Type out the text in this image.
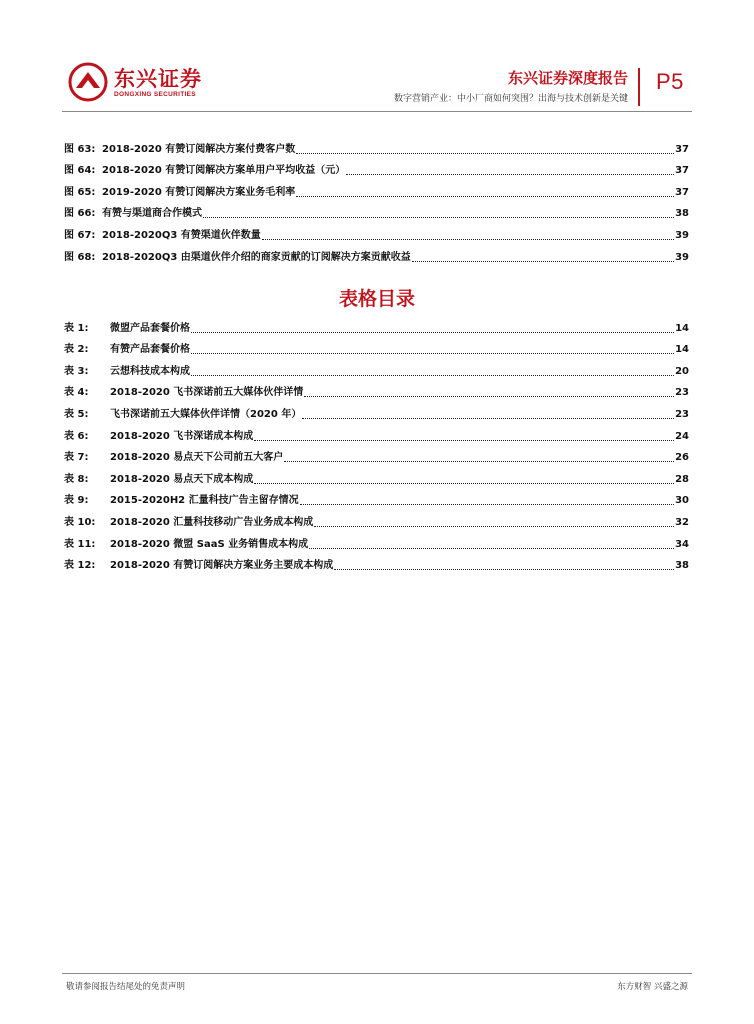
东兴证券
DONGXING SECURITIES
东兴证券深度报告
数字营销产业：中小厂商如何突围？出海与技术创新是关键
P5
图 63: 2018-2020 有赞订阅解决方案付费客户数	37
图 64: 2018-2020 有赞订阅解决方案单用户平均收益（元）	37
图 65: 2019-2020 有赞订阅解决方案业务毛利率	37
图 66: 有赞与渠道商合作模式	38
图 67: 2018-2020Q3 有赞渠道伙伴数量	39
图 68: 2018-2020Q3 由渠道伙伴介绍的商家贡献的订阅解决方案贡献收益	39
表格目录
表 1:	微盟产品套餐价格	14
表 2:	有赞产品套餐价格	14
表 3:	云想科技成本构成	20
表 4:	2018-2020 飞书深诺前五大媒体伙伴详情	23
表 5:	飞书深诺前五大媒体伙伴详情（2020 年）	23
表 6:	2018-2020 飞书深诺成本构成	24
表 7:	2018-2020 易点天下公司前五大客户	26
表 8:	2018-2020 易点天下成本构成	28
表 9:	2015-2020H2 汇量科技广告主留存情况	30
表 10:	2018-2020 汇量科技移动广告业务成本构成	32
表 11:	2018-2020 微盟 SaaS 业务销售成本构成	34
表 12:	2018-2020 有赞订阅解决方案业务主要成本构成	38
敬请参阅报告结尾处的免责声明	东方财智 兴盛之源
